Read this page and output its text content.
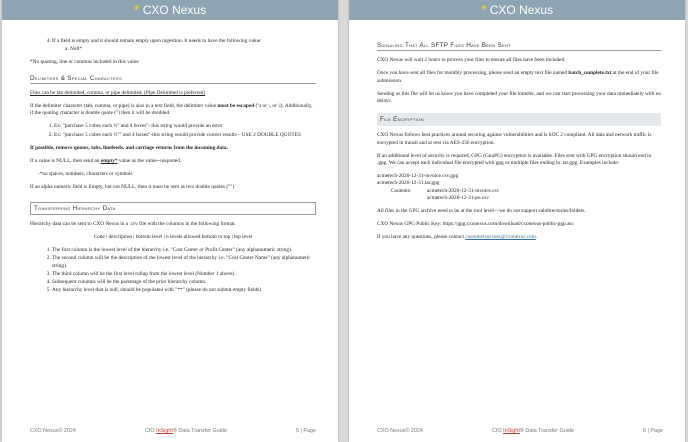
✺ CXO Nexus
4. If a field is empty and it should remain empty upon ingestion. It needs to have the following value:
a. Null*

*No quoting, line or commas included in this value

Delimiters & Special Characters

Files can be tab delimited, comma, or pipe delimited. (Pipe Delimited is preferred)

If the delimiter character (tab, comma, or pipe) is also in a text field, the delimiter value must be escaped ('\t or \, or \|). Additionally, if the quoting character is double quote (") then it will be doubled.

1. Ex: "purchase 5 cubes each ½" and 4 boxes"- this string would provide an error
2. Ex: "purchase 5 cubes each ½"" and 4 boxes"-this string would provide correct results – USE 2 DOUBLE QUOTES

If possible, remove quotes, tabs, linefeeds, and carriage returns from the incoming data.

If a value is NULL, then send an empty* value as the value--unquoted.

-*no spaces, numbers, characters or symbols

If an alpha numeric field is Empty, but not NULL, then it must be sent as two double quotes ("")

Transferring Hierarchy Data

Hierarchy data can be sent to CXO Nexus in a .csv file with the columns in the following format.

Code | description | bottom level | n levels allowed bottom to top | top level

1. The first column is the lowest level of the hierarchy i.e. "Cost Center or Profit Center" (any alphanumeric string).
2. The second column will be the description of the lowest level of the hierarchy i.e. "Cost Center Name" (any alphanumeric string).
3. The third column will be the first level rollup from the lowest level (Number 1 above).
4. Subsequent columns will be the parentage of the prior hierarchy column.
5. Any hierarchy level that is null, should be populated with "**" (please do not submit empty fields).
CXO Nexus© 2024	CIO InSight® Data Transfer Guide	5 | Page
✺ CXO Nexus
Signaling That All SFTP Files Have Been Sent

CXO Nexus will wait 2 hours to process your files to ensure all files have been included.

Once you have sent all files for monthly processing, please send an empty text file named batch_complete.txt at the end of your file submission.

Sending us this file will let us know you have completed your file transfer, and we can start processing your data immediately with no delays.

File Encryption

CXO Nexus follows best practices around securing against vulnerabilities and is SOC 2 compliant. All data and network traffic is encrypted in transit and at rest via AES-256 encryption.

If an additional level of security is required, GPG (GnuPG) encryption is available. Files sent with GPG encryption should end in .gpg. We can accept each individual file encrypted with gpg or multiple files ending in .tar.gpg. Examples include:

acmetech-2020-12-31-invoice.csv.gpg
acmetech-2020-12-31.tar.gpg
Contents:	acmetech-2020-12-31-invoice.csv
acmetech-2020-12-31-po.csv

All files in the GPG archive need to be at the root level—we do not support subdirectories/folders.

CXO Nexus GPG Public Key: https://gpg.cxonexus.com/download/cxonexus-public-pgp.asc

If you have any questions, please contact customersuccess@cxonexus.com.

CXO Nexus© 2024	CIO InSight® Data Transfer Guide	6 | Page
